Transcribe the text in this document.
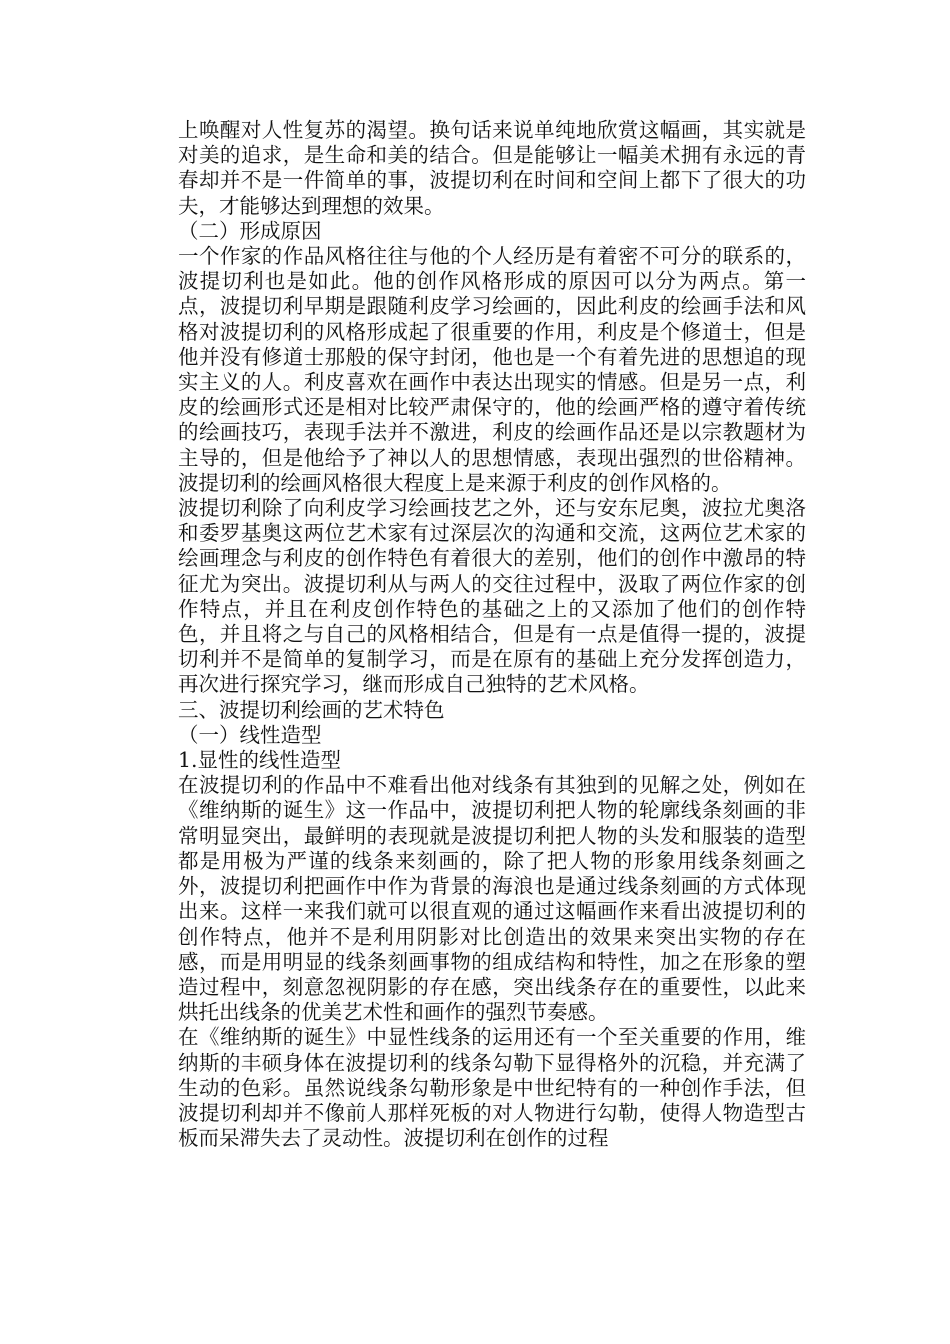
上唤醒对人性复苏的渴望。换句话来说单纯地欣赏这幅画，其实就是对美的追求，是生命和美的结合。但是能够让一幅美术拥有永远的青春却并不是一件简单的事，波提切利在时间和空间上都下了很大的功夫，才能够达到理想的效果。

（二）形成原因

一个作家的作品风格往往与他的个人经历是有着密不可分的联系的，波提切利也是如此。他的创作风格形成的原因可以分为两点。第一点，波提切利早期是跟随利皮学习绘画的，因此利皮的绘画手法和风格对波提切利的风格形成起了很重要的作用，利皮是个修道士，但是他并没有修道士那般的保守封闭，他也是一个有着先进的思想追的现实主义的人。利皮喜欢在画作中表达出现实的情感。但是另一点，利皮的绘画形式还是相对比较严肃保守的，他的绘画严格的遵守着传统的绘画技巧，表现手法并不激进，利皮的绘画作品还是以宗教题材为主导的，但是他给予了神以人的思想情感，表现出强烈的世俗精神。波提切利的绘画风格很大程度上是来源于利皮的创作风格的。

波提切利除了向利皮学习绘画技艺之外，还与安东尼奥，波拉尤奥洛和委罗基奥这两位艺术家有过深层次的沟通和交流，这两位艺术家的绘画理念与利皮的创作特色有着很大的差别，他们的创作中激昂的特征尤为突出。波提切利从与两人的交往过程中，汲取了两位作家的创作特点，并且在利皮创作特色的基础之上的又添加了他们的创作特色，并且将之与自己的风格相结合，但是有一点是值得一提的，波提切利并不是简单的复制学习，而是在原有的基础上充分发挥创造力，再次进行探究学习，继而形成自己独特的艺术风格。

三、波提切利绘画的艺术特色

（一）线性造型

1.显性的线性造型

在波提切利的作品中不难看出他对线条有其独到的见解之处，例如在《维纳斯的诞生》这一作品中，波提切利把人物的轮廓线条刻画的非常明显突出，最鲜明的表现就是波提切利把人物的头发和服装的造型都是用极为严谨的线条来刻画的，除了把人物的形象用线条刻画之外，波提切利把画作中作为背景的海浪也是通过线条刻画的方式体现出来。这样一来我们就可以很直观的通过这幅画作来看出波提切利的创作特点，他并不是利用阴影对比创造出的效果来突出实物的存在感，而是用明显的线条刻画事物的组成结构和特性，加之在形象的塑造过程中，刻意忽视阴影的存在感，突出线条存在的重要性，以此来烘托出线条的优美艺术性和画作的强烈节奏感。

在《维纳斯的诞生》中显性线条的运用还有一个至关重要的作用，维纳斯的丰硕身体在波提切利的线条勾勒下显得格外的沉稳，并充满了生动的色彩。虽然说线条勾勒形象是中世纪特有的一种创作手法，但波提切利却并不像前人那样死板的对人物进行勾勒，使得人物造型古板而呆滞失去了灵动性。波提切利在创作的过程
